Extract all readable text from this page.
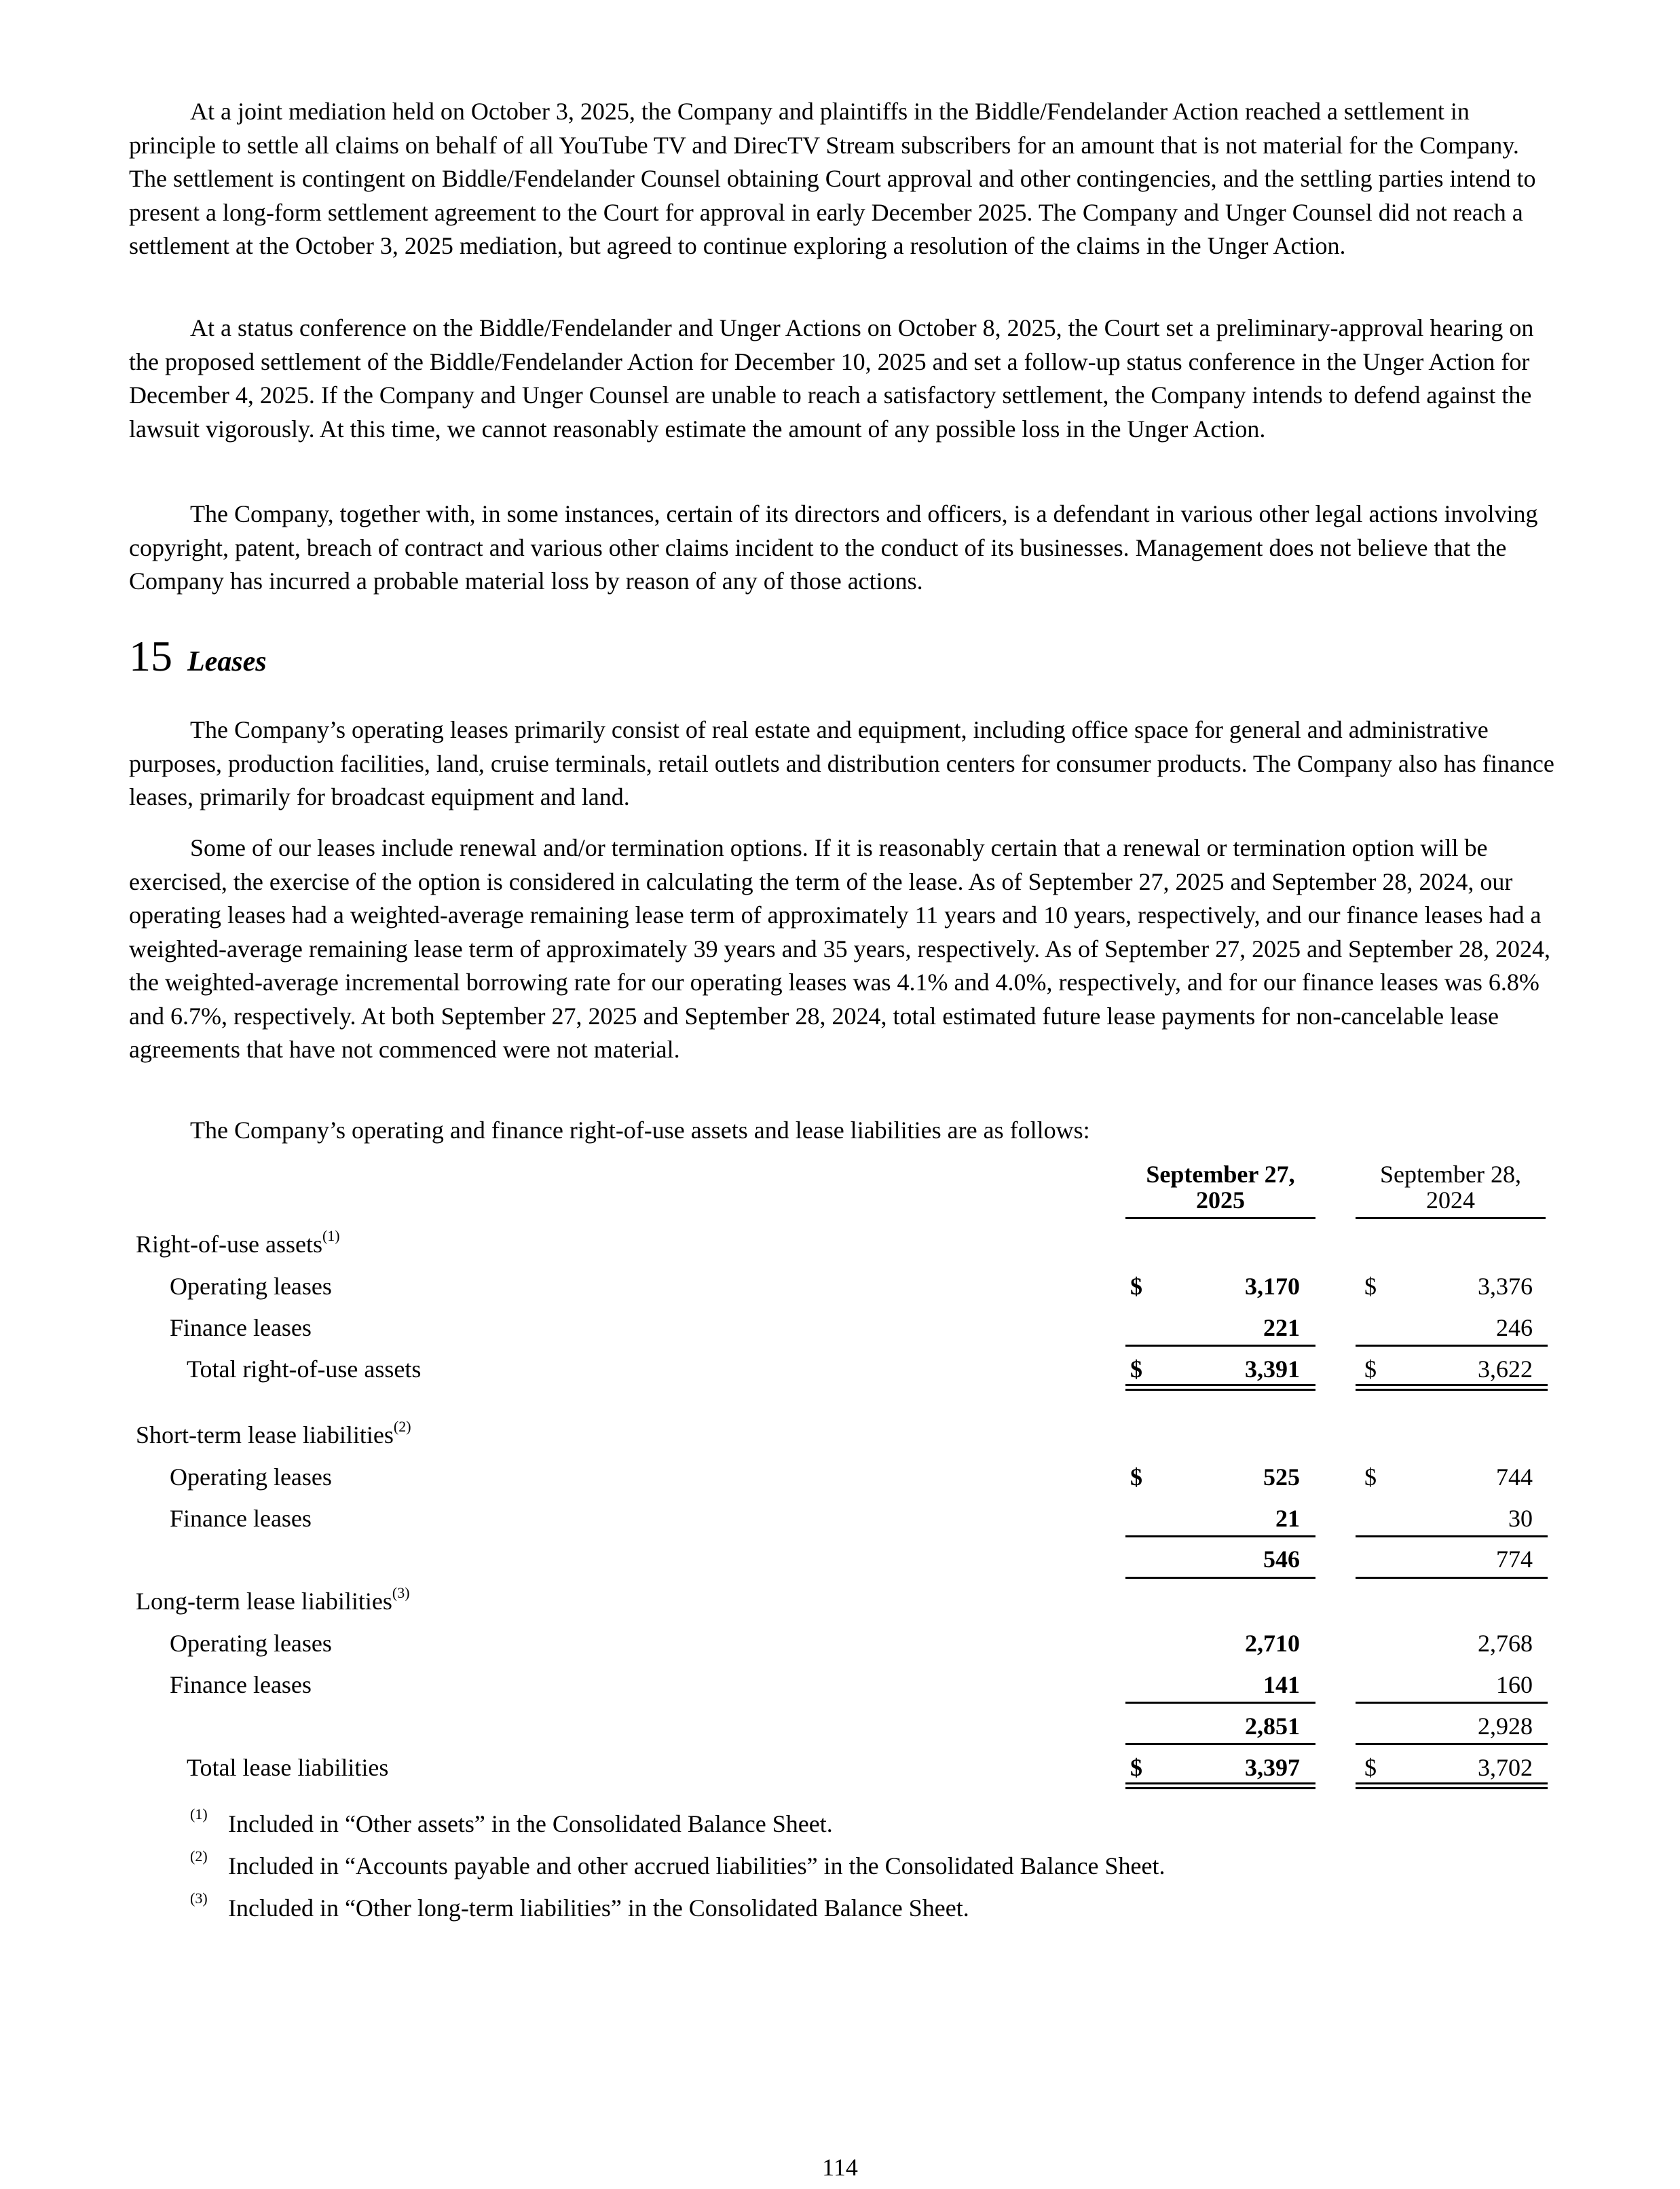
At a joint mediation held on October 3, 2025, the Company and plaintiffs in the Biddle/Fendelander Action reached a settlement in principle to settle all claims on behalf of all YouTube TV and DirecTV Stream subscribers for an amount that is not material for the Company. The settlement is contingent on Biddle/Fendelander Counsel obtaining Court approval and other contingencies, and the settling parties intend to present a long-form settlement agreement to the Court for approval in early December 2025. The Company and Unger Counsel did not reach a settlement at the October 3, 2025 mediation, but agreed to continue exploring a resolution of the claims in the Unger Action.

At a status conference on the Biddle/Fendelander and Unger Actions on October 8, 2025, the Court set a preliminary-approval hearing on the proposed settlement of the Biddle/Fendelander Action for December 10, 2025 and set a follow-up status conference in the Unger Action for December 4, 2025. If the Company and Unger Counsel are unable to reach a satisfactory settlement, the Company intends to defend against the lawsuit vigorously. At this time, we cannot reasonably estimate the amount of any possible loss in the Unger Action.

The Company, together with, in some instances, certain of its directors and officers, is a defendant in various other legal actions involving copyright, patent, breach of contract and various other claims incident to the conduct of its businesses. Management does not believe that the Company has incurred a probable material loss by reason of any of those actions.

15 Leases

The Company’s operating leases primarily consist of real estate and equipment, including office space for general and administrative purposes, production facilities, land, cruise terminals, retail outlets and distribution centers for consumer products. The Company also has finance leases, primarily for broadcast equipment and land.

Some of our leases include renewal and/or termination options. If it is reasonably certain that a renewal or termination option will be exercised, the exercise of the option is considered in calculating the term of the lease. As of September 27, 2025 and September 28, 2024, our operating leases had a weighted-average remaining lease term of approximately 11 years and 10 years, respectively, and our finance leases had a weighted-average remaining lease term of approximately 39 years and 35 years, respectively. As of September 27, 2025 and September 28, 2024, the weighted-average incremental borrowing rate for our operating leases was 4.1% and 4.0%, respectively, and for our finance leases was 6.8% and 6.7%, respectively. At both September 27, 2025 and September 28, 2024, total estimated future lease payments for non-cancelable lease agreements that have not commenced were not material.

The Company’s operating and finance right-of-use assets and lease liabilities are as follows:

September 27,
2025
September 28,
2024
Right-of-use assets$^{(1)}$
Operating leases	$	3,170	$	3,376
Finance leases	221	246
Total right-of-use assets	$	3,391	$	3,622
Short-term lease liabilities$^{(2)}$
Operating leases	$	525	$	744
Finance leases	21	30
546	774
Long-term lease liabilities$^{(3)}$
Operating leases	2,710	2,768
Finance leases	141	160
2,851	2,928
Total lease liabilities	$	3,397	$	3,702
(1) Included in “Other assets” in the Consolidated Balance Sheet.
(2) Included in “Accounts payable and other accrued liabilities” in the Consolidated Balance Sheet.
(3) Included in “Other long-term liabilities” in the Consolidated Balance Sheet.
114
